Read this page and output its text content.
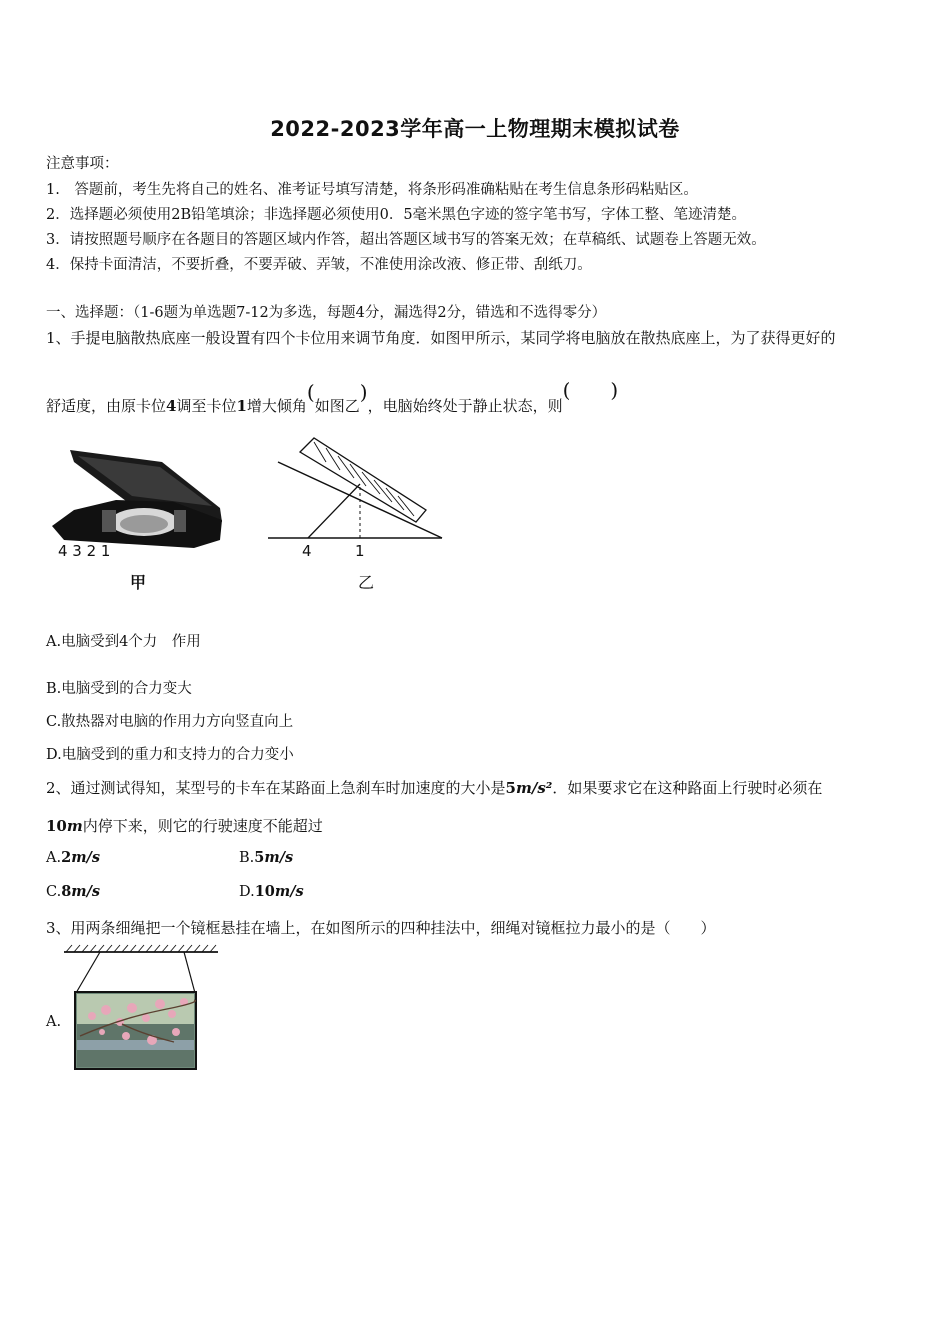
2022-2023学年高一上物理期末模拟试卷
注意事项：
1.　答题前，考生先将自己的姓名、准考证号填写清楚，将条形码准确粘贴在考生信息条形码粘贴区。
2．选择题必须使用2B铅笔填涂；非选择题必须使用0．5毫米黑色字迹的签字笔书写，字体工整、笔迹清楚。
3．请按照题号顺序在各题目的答题区域内作答，超出答题区域书写的答案无效；在草稿纸、试题卷上答题无效。
4．保持卡面清洁，不要折叠，不要弄破、弄皱，不准使用涂改液、修正带、刮纸刀。
一、选择题：（1-6题为单选题7-12为多选，每题4分，漏选得2分，错选和不选得零分）
1、手提电脑散热底座一般设置有四个卡位用来调节角度．如图甲所示，某同学将电脑放在散热底座上，为了获得更好的
舒适度，由原卡位4调至卡位1增大倾角(如图乙)，电脑始终处于静止状态，则(　　)
4 3 2 1
甲
4	1
乙
A.电脑受到4个力　作用
B.电脑受到的合力变大
C.散热器对电脑的作用力方向竖直向上
D.电脑受到的重力和支持力的合力变小
2、通过测试得知，某型号的卡车在某路面上急刹车时加速度的大小是5m/s²．如果要求它在这种路面上行驶时必须在
10m内停下来，则它的行驶速度不能超过
A.2m/s	B.5m/s
C.8m/s	D.10m/s
3、用两条细绳把一个镜框悬挂在墙上，在如图所示的四种挂法中，细绳对镜框拉力最小的是（　　）
A.
